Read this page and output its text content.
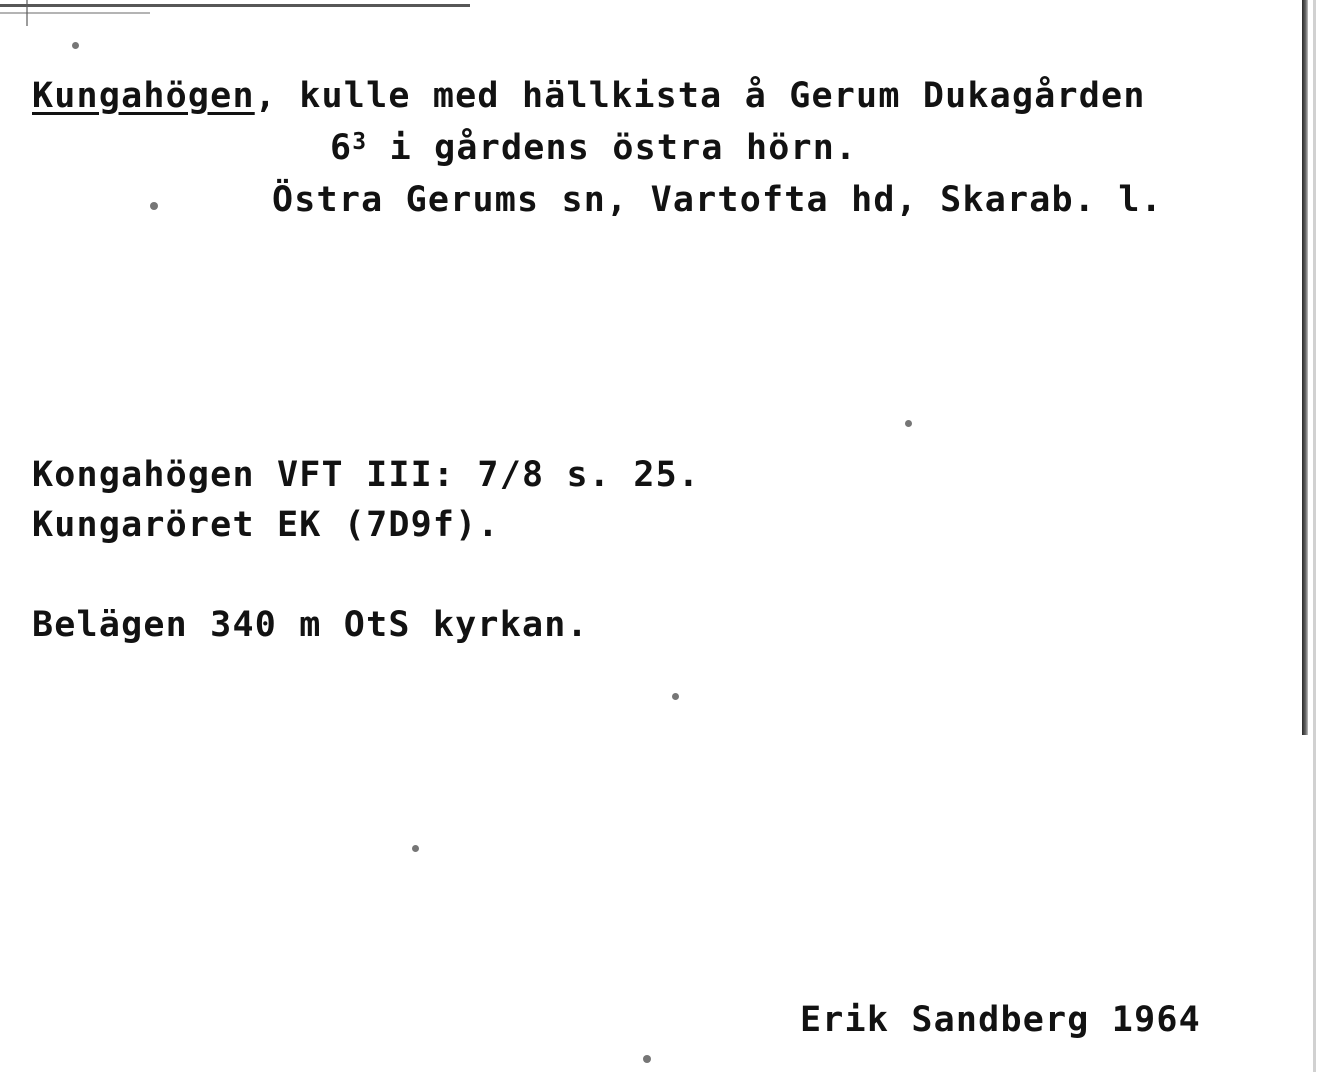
Kungahögen, kulle med hällkista å Gerum Dukagården
$6^3$ i gårdens östra hörn.
Östra Gerums sn, Vartofta hd, Skarab. l.
Kongahögen VFT III: 7/8 s. 25.
Kungaröret EK (7D9f).
Belägen 340 m OtS kyrkan.
Erik Sandberg 1964
